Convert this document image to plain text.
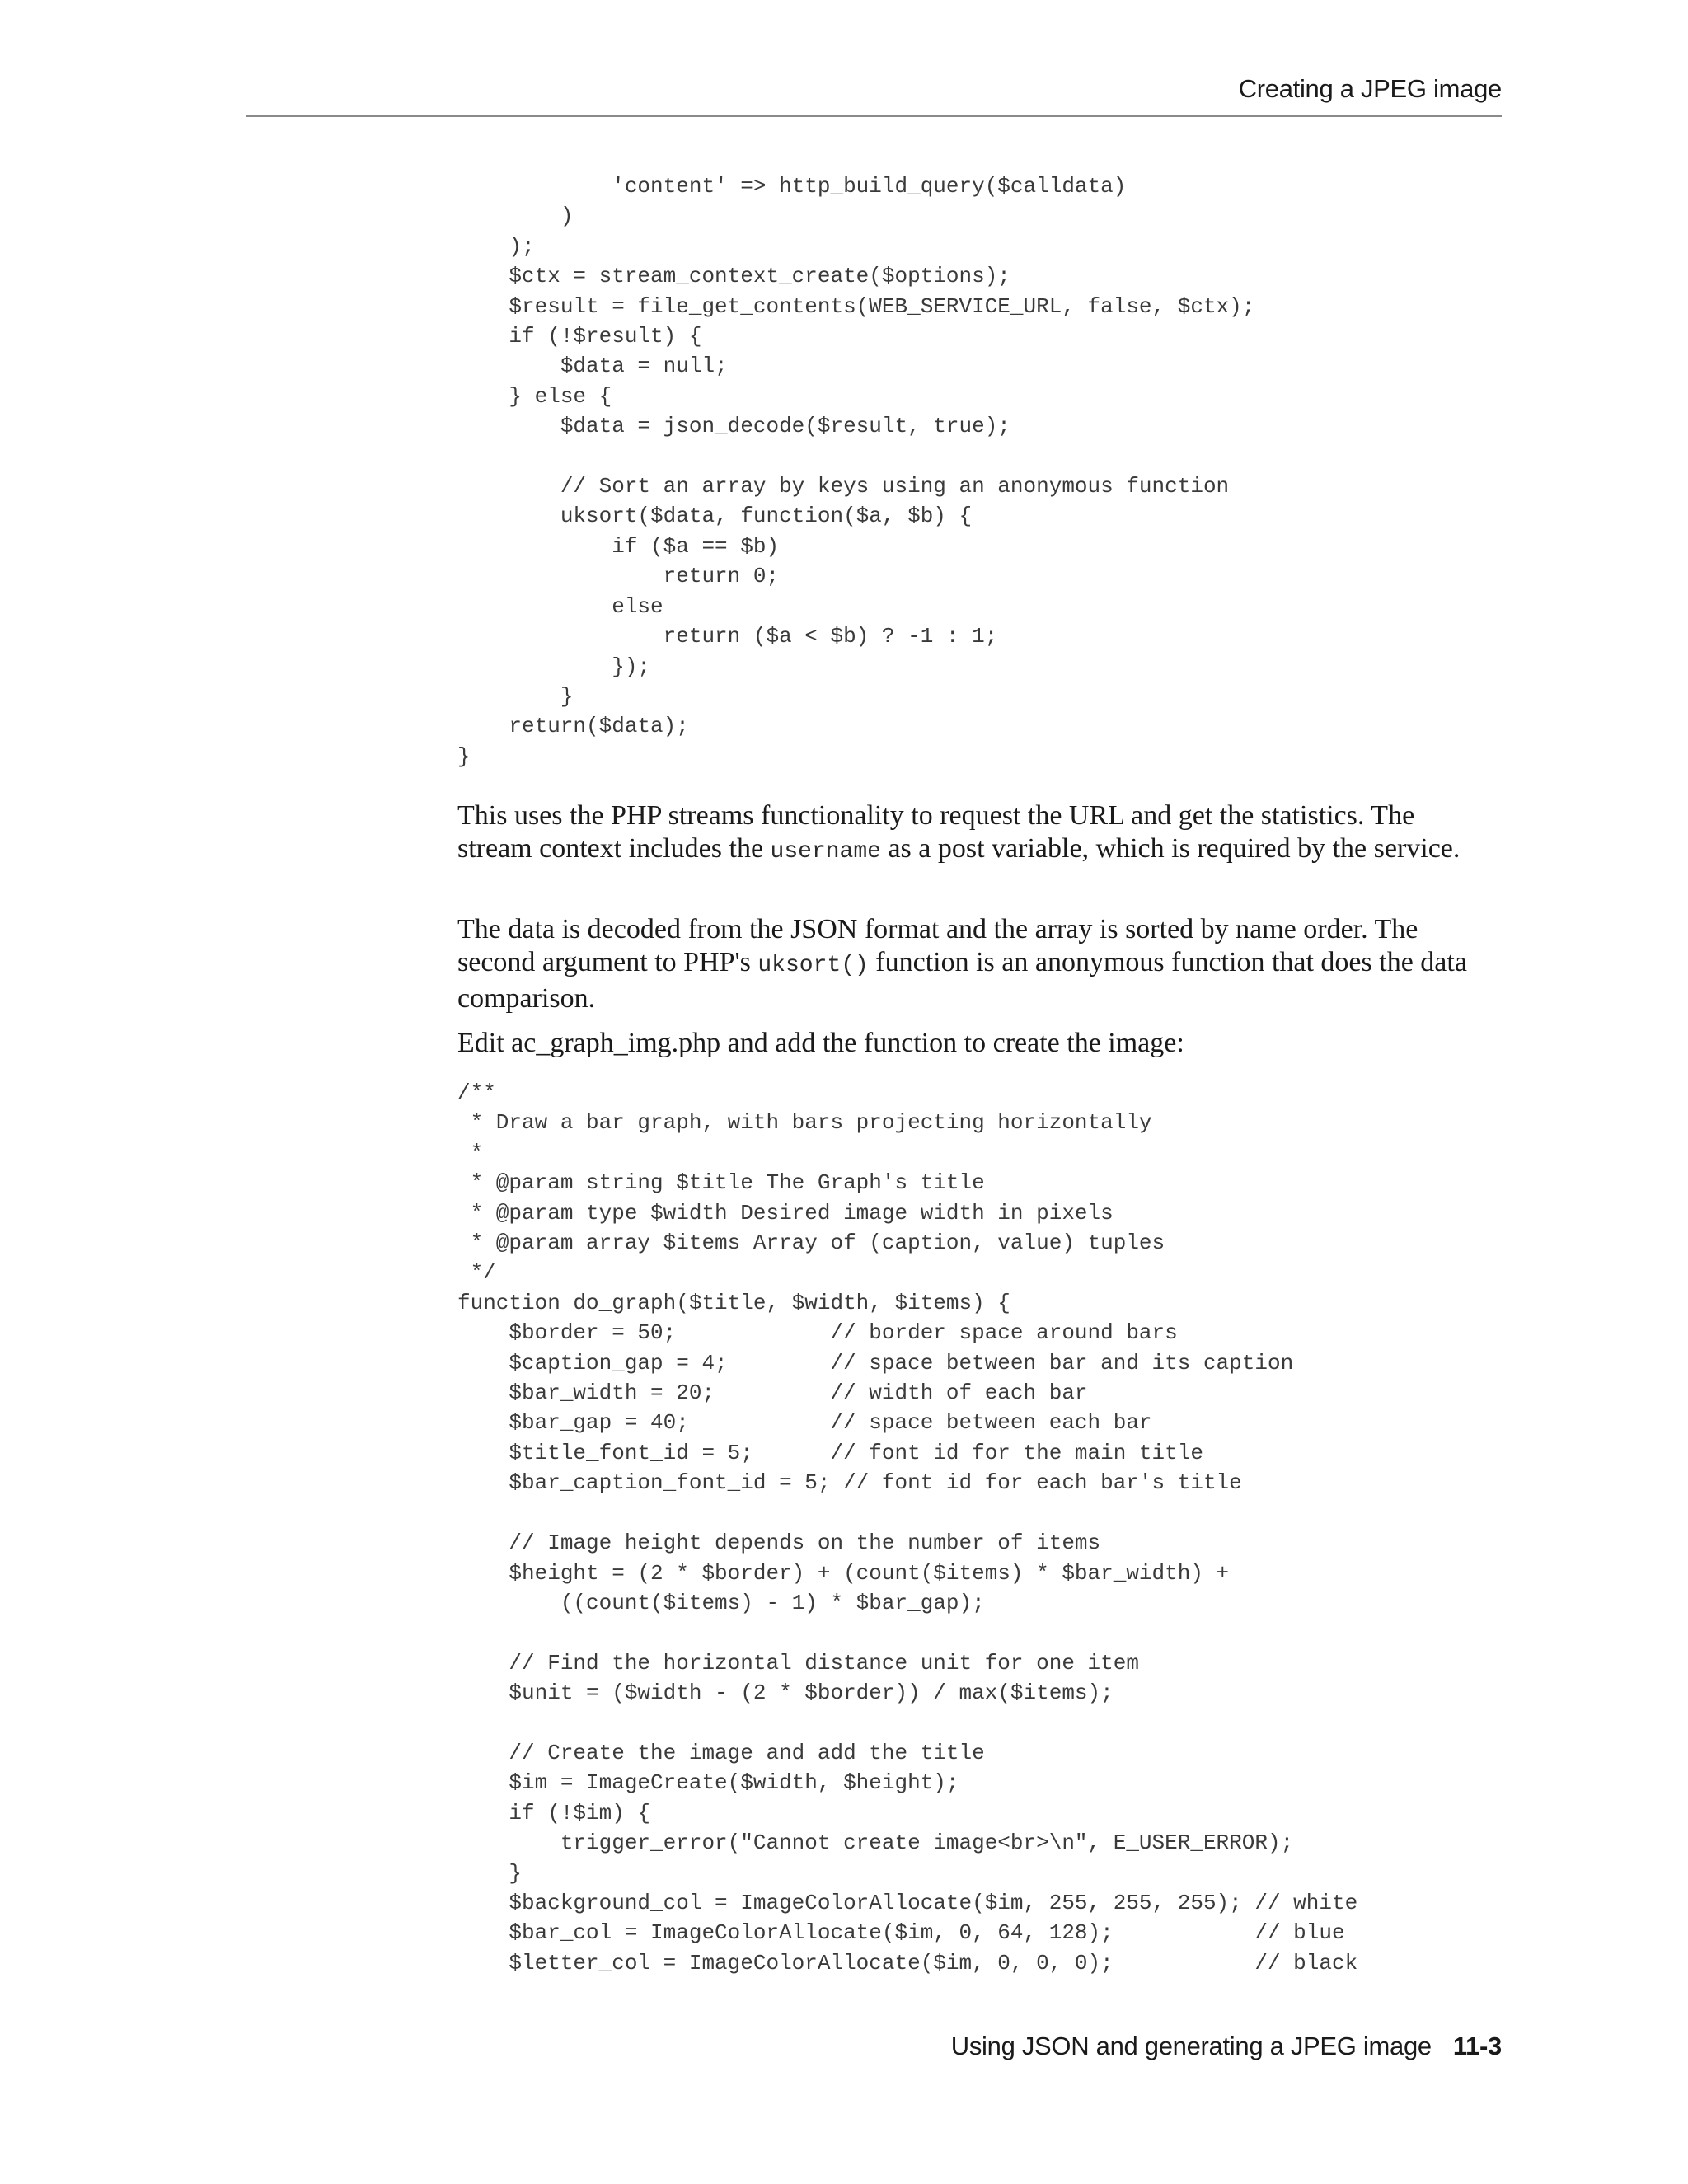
Creating a JPEG image
'content' => http_build_query($calldata)
)
);
$ctx = stream_context_create($options);
$result = file_get_contents(WEB_SERVICE_URL, false, $ctx);
if (!$result) {
$data = null;
} else {
$data = json_decode($result, true);

// Sort an array by keys using an anonymous function
uksort($data, function($a, $b) {
if ($a == $b)
return 0;
else
return ($a < $b) ? -1 : 1;
});
}
return($data);
}

This uses the PHP streams functionality to request the URL and get the statistics. The stream context includes the username as a post variable, which is required by the service.

The data is decoded from the JSON format and the array is sorted by name order. The second argument to PHP's uksort() function is an anonymous function that does the data comparison.

Edit ac_graph_img.php and add the function to create the image:

/**
* Draw a bar graph, with bars projecting horizontally
*
* @param string $title The Graph's title
* @param type $width Desired image width in pixels
* @param array $items Array of (caption, value) tuples
*/
function do_graph($title, $width, $items) {
$border = 50;            // border space around bars
$caption_gap = 4;        // space between bar and its caption
$bar_width = 20;         // width of each bar
$bar_gap = 40;           // space between each bar
$title_font_id = 5;      // font id for the main title
$bar_caption_font_id = 5; // font id for each bar's title

// Image height depends on the number of items
$height = (2 * $border) + (count($items) * $bar_width) +
((count($items) - 1) * $bar_gap);

// Find the horizontal distance unit for one item
$unit = ($width - (2 * $border)) / max($items);

// Create the image and add the title
$im = ImageCreate($width, $height);
if (!$im) {
trigger_error("Cannot create image<br>\n", E_USER_ERROR);
}
$background_col = ImageColorAllocate($im, 255, 255, 255); // white
$bar_col = ImageColorAllocate($im, 0, 64, 128);           // blue
$letter_col = ImageColorAllocate($im, 0, 0, 0);           // black
Using JSON and generating a JPEG image 11-3
